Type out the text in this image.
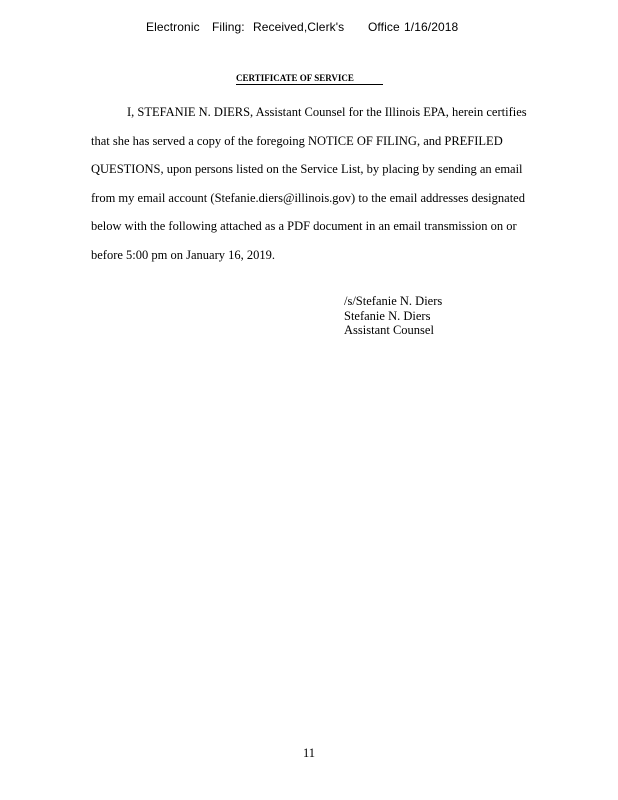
Electronic Filing: Received,Clerk's Office 1/16/2018
CERTIFICATE OF SERVICE
I, STEFANIE N. DIERS, Assistant Counsel for the Illinois EPA, herein certifies
that she has served a copy of the foregoing NOTICE OF FILING, and PREFILED
QUESTIONS, upon persons listed on the Service List, by placing by sending an email
from my email account (Stefanie.diers@illinois.gov) to the email addresses designated
below with the following attached as a PDF document in an email transmission on or
before 5:00 pm on January 16, 2019.
/s/Stefanie N. Diers
Stefanie N. Diers
Assistant Counsel
11
